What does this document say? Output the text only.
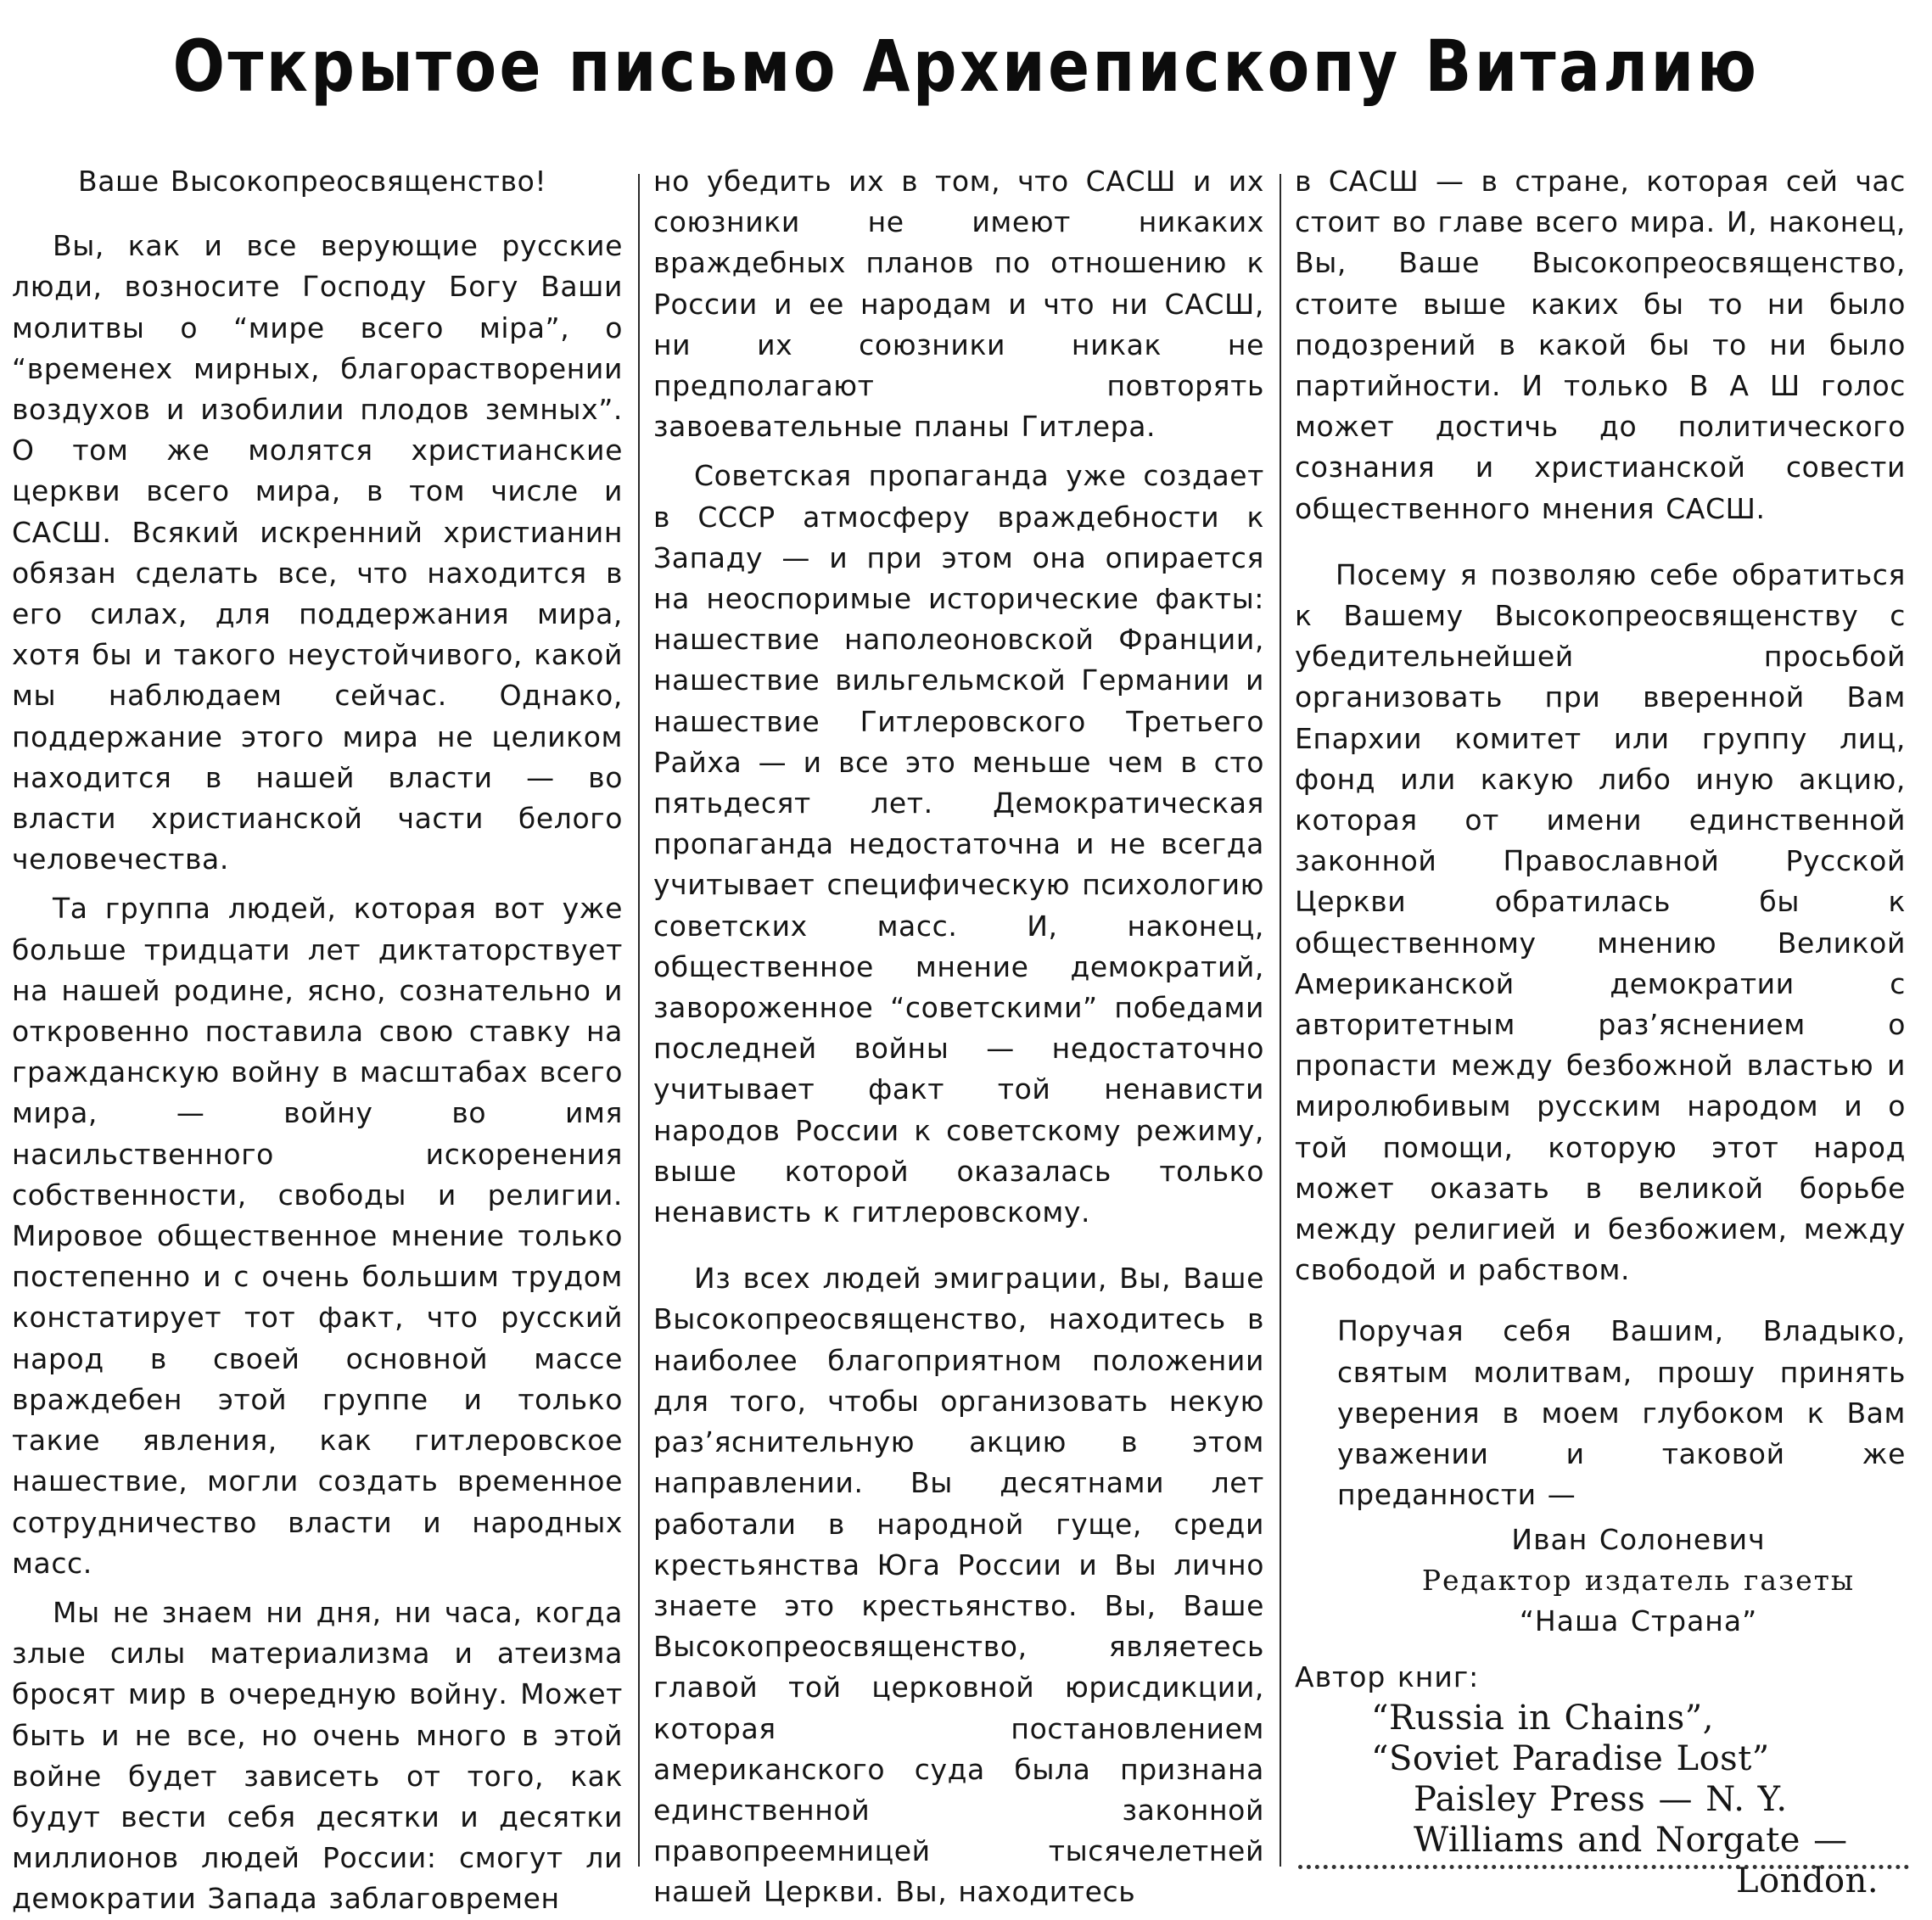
Открытое письмо Архиепископу Виталию

Ваше Высокопреосвященство!

Вы, как и все верующие русские люди, возносите Господу Богу Ваши молитвы о “мире всего міра”, о “временех мирных, благорастворении воздухов и изобилии плодов земных”. О том же молятся христианские церкви всего мира, в том числе и САСШ. Всякий искренний христианин обязан сделать все, что находится в его силах, для поддержания мира, хотя бы и такого неустойчивого, какой мы наблюдаем сейчас. Однако, поддержание этого мира не целиком находится в нашей власти — во власти христианской части белого человечества.

Та группа людей, которая вот уже больше тридцати лет диктаторствует на нашей родине, ясно, сознательно и откровенно поставила свою ставку на гражданскую войну в масштабах всего мира, — войну во имя насильственного искоренения собственности, свободы и религии. Мировое общественное мнение только постепенно и с очень большим трудом констатирует тот факт, что русский народ в своей основной массе враждебен этой группе и только такие явления, как гитлеровское нашествие, могли создать временное сотрудничество власти и народных масс.

Мы не знаем ни дня, ни часа, когда злые силы материализма и атеизма бросят мир в очередную войну. Может быть и не все, но очень много в этой войне будет зависеть от того, как будут вести себя десятки и десятки миллионов людей России: смогут ли демократии Запада заблаговремен

но убедить их в том, что САСШ и их союзники не имеют никаких враждебных планов по отношению к России и ее народам и что ни САСШ, ни их союзники никак не предполагают повторять завоевательные планы Гитлера.

Советская пропаганда уже создает в СССР атмосферу враждебности к Западу — и при этом она опирается на неоспоримые исторические факты: нашествие наполеоновской Франции, нашествие вильгельмской Германии и нашествие Гитлеровского Третьего Райха — и все это меньше чем в сто пятьдесят лет. Демократическая пропаганда недостаточна и не всегда учитывает специфическую психологию советских масс. И, наконец, общественное мнение демократий, завороженное “советскими” победами последней войны — недостаточно учитывает факт той ненависти народов России к советскому режиму, выше которой оказалась только ненависть к гитлеровскому.

Из всех людей эмиграции, Вы, Ваше Высокопреосвященство, находитесь в наиболее благоприятном положении для того, чтобы организовать некую раз’яснительную акцию в этом направлении. Вы десятнами лет работали в народной гуще, среди крестьянства Юга России и Вы лично знаете это крестьянство. Вы, Ваше Высокопреосвященство, являетесь главой той церковной юрисдикции, которая постановлением американского суда была признана единственной законной правопреемницей тысячелетней нашей Церкви. Вы, находитесь

в САСШ — в стране, которая сей час стоит во главе всего мира. И, наконец, Вы, Ваше Высокопреосвященство, стоите выше каких бы то ни было подозрений в какой бы то ни было партийности. И только В А Ш голос может достичь до политического сознания и христианской совести общественного мнения САСШ.

Посему я позволяю себе обратиться к Вашему Высокопреосвященству с убедительнейшей просьбой организовать при вверенной Вам Епархии комитет или группу лиц, фонд или какую либо иную акцию, которая от имени единственной законной Православной Русской Церкви обратилась бы к общественному мнению Великой Американской демократии с авторитетным раз’яснением о пропасти между безбожной властью и миролюбивым русским народом и о той помощи, которую этот народ может оказать в великой борьбе между религией и безбожием, между свободой и рабством.

Поручая себя Вашим, Владыко, святым молитвам, прошу принять уверения в моем глубоком к Вам уважении и таковой же преданности —

Иван Солоневич

Редактор издатель газеты

“Наша Страна”

Автор книг:

“Russia in Chains”,

“Soviet Paradise Lost”

Paisley Press — N. Y.

Williams and Norgate —

London.
